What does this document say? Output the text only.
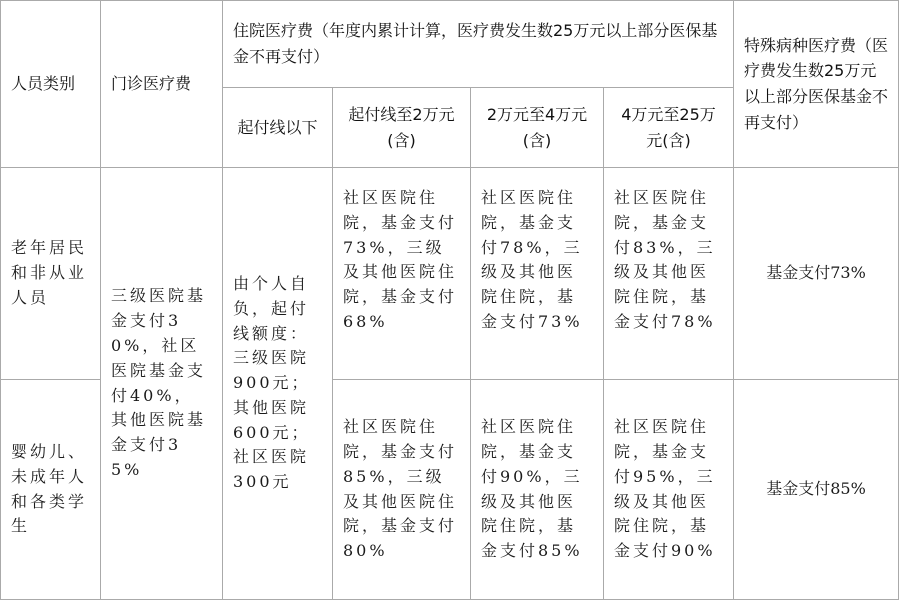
人员类别	门诊医疗费	住院医疗费（年度内累计计算，医疗费发生数25万元以上部分医保基金不再支付）				特殊病种医疗费（医疗费发生数25万元以上部分医保基金不再支付）
		起付线以下	起付线至2万元(含)	2万元至4万元(含)	4万元至25万元(含)	
老年居民和非从业人员	三级医院基金支付30%，社区医院基金支付40%，其他医院基金支付35%	由个人自负，起付线额度：三级医院900元；其他医院600元；社区医院300元	社区医院住院，基金支付73%，三级及其他医院住院，基金支付68%	社区医院住院，基金支付78%，三级及其他医院住院，基金支付73%	社区医院住院，基金支付83%，三级及其他医院住院，基金支付78%	基金支付73%
婴幼儿、未成年人和各类学生			社区医院住院，基金支付85%，三级及其他医院住院，基金支付80%	社区医院住院，基金支付90%，三级及其他医院住院，基金支付85%	社区医院住院，基金支付95%，三级及其他医院住院，基金支付90%	基金支付85%
